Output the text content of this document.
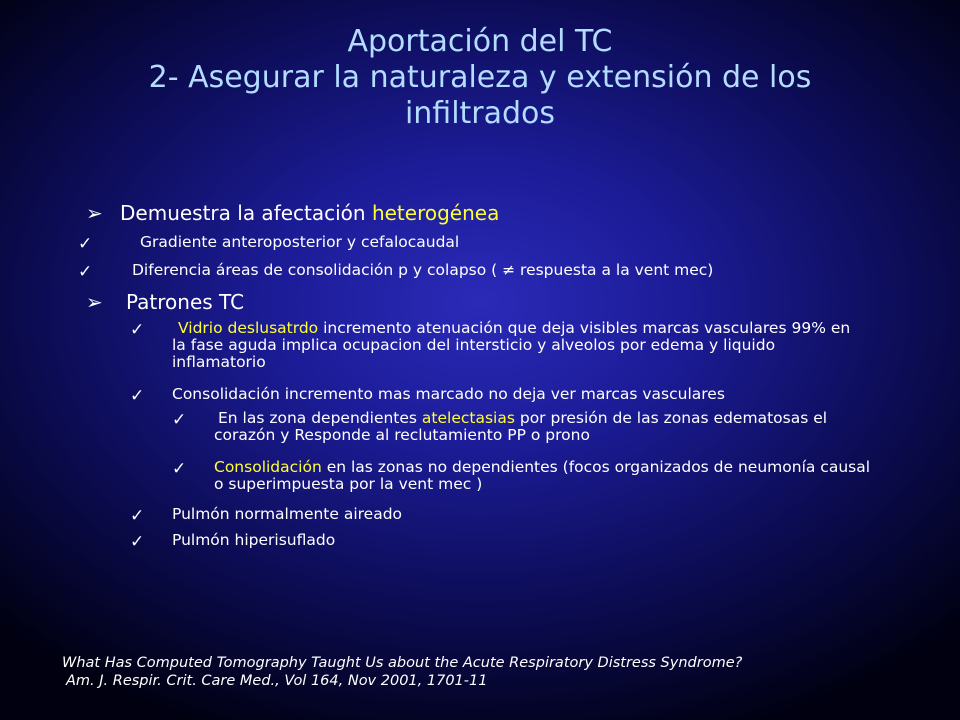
Aportación del TC
2- Asegurar la naturaleza y extensión de los
infiltrados
➢ Demuestra la afectación heterogénea
✓	Gradiente anteroposterior y cefalocaudal
✓	Diferencia áreas de consolidación p y colapso ( ≠ respuesta a la vent mec)
➢	Patrones TC
✓	Vidrio deslusatrdo incremento atenuación que deja visibles marcas vasculares 99% en la fase aguda implica ocupacion del intersticio y alveolos por edema y liquido inflamatorio
✓	Consolidación incremento mas marcado no deja ver marcas vasculares
✓	En las zona dependientes atelectasias por presión de las zonas edematosas el corazón y Responde al reclutamiento PP o prono
✓	Consolidación en las zonas no dependientes (focos organizados de neumonía causal o superimpuesta por la vent mec )
✓	Pulmón normalmente aireado
✓	Pulmón hiperisuflado
What Has Computed Tomography Taught Us about the Acute Respiratory Distress Syndrome?
Am. J. Respir. Crit. Care Med., Vol 164, Nov 2001, 1701-11
